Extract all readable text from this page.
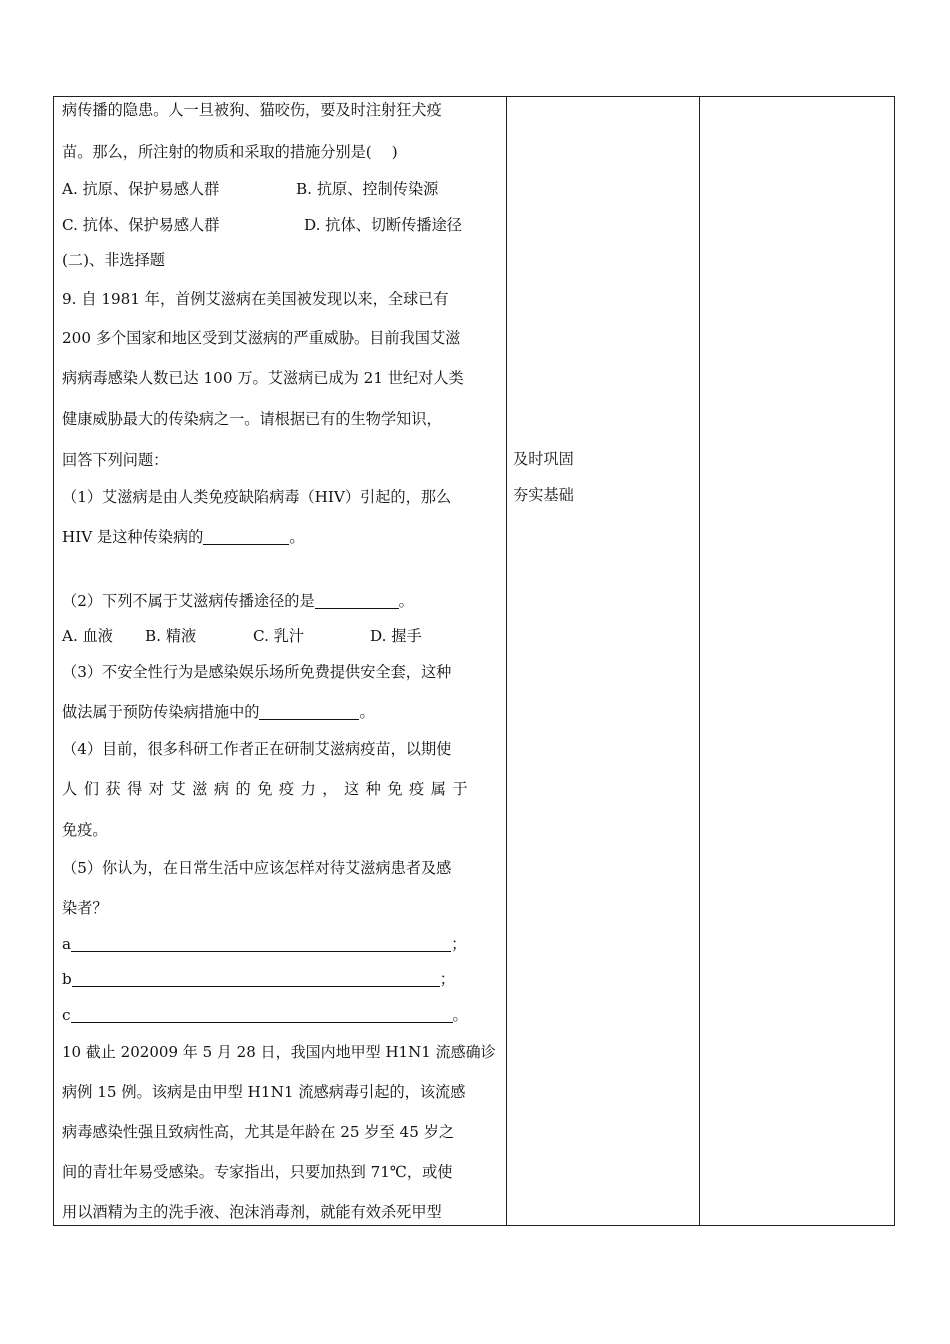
病传播的隐患。人一旦被狗、猫咬伤，要及时注射狂犬疫
苗。那么，所注射的物质和采取的措施分别是(　 )
A. 抗原、保护易感人群	B. 抗原、控制传染源
C. 抗体、保护易感人群	D. 抗体、切断传播途径
(二)、非选择题
9. 自 1981 年，首例艾滋病在美国被发现以来，全球已有
200 多个国家和地区受到艾滋病的严重威胁。目前我国艾滋
病病毒感染人数已达 100 万。艾滋病已成为 21 世纪对人类
健康威胁最大的传染病之一。请根据已有的生物学知识，
回答下列问题：
（1）艾滋病是由人类免疫缺陷病毒（HIV）引起的，那么
HIV 是这种传染病的	。
（2）下列不属于艾滋病传播途径的是	。
A. 血液 B. 精液	C. 乳汁	D. 握手
（3）不安全性行为是感染娱乐场所免费提供安全套，这种
做法属于预防传染病措施中的	。
（4）目前，很多科研工作者正在研制艾滋病疫苗，以期使
人们获得对艾滋病的免疫力，这种免疫属于
免疫。
（5）你认为，在日常生活中应该怎样对待艾滋病患者及感
染者？
a	；
b	；
c	。
10 截止 202009 年 5 月 28 日，我国内地甲型 H1N1 流感确诊
病例 15 例。该病是由甲型 H1N1 流感病毒引起的，该流感
病毒感染性强且致病性高，尤其是年龄在 25 岁至 45 岁之
间的青壮年易受感染。专家指出，只要加热到 71℃，或使
用以酒精为主的洗手液、泡沫消毒剂，就能有效杀死甲型
及时巩固
夯实基础
